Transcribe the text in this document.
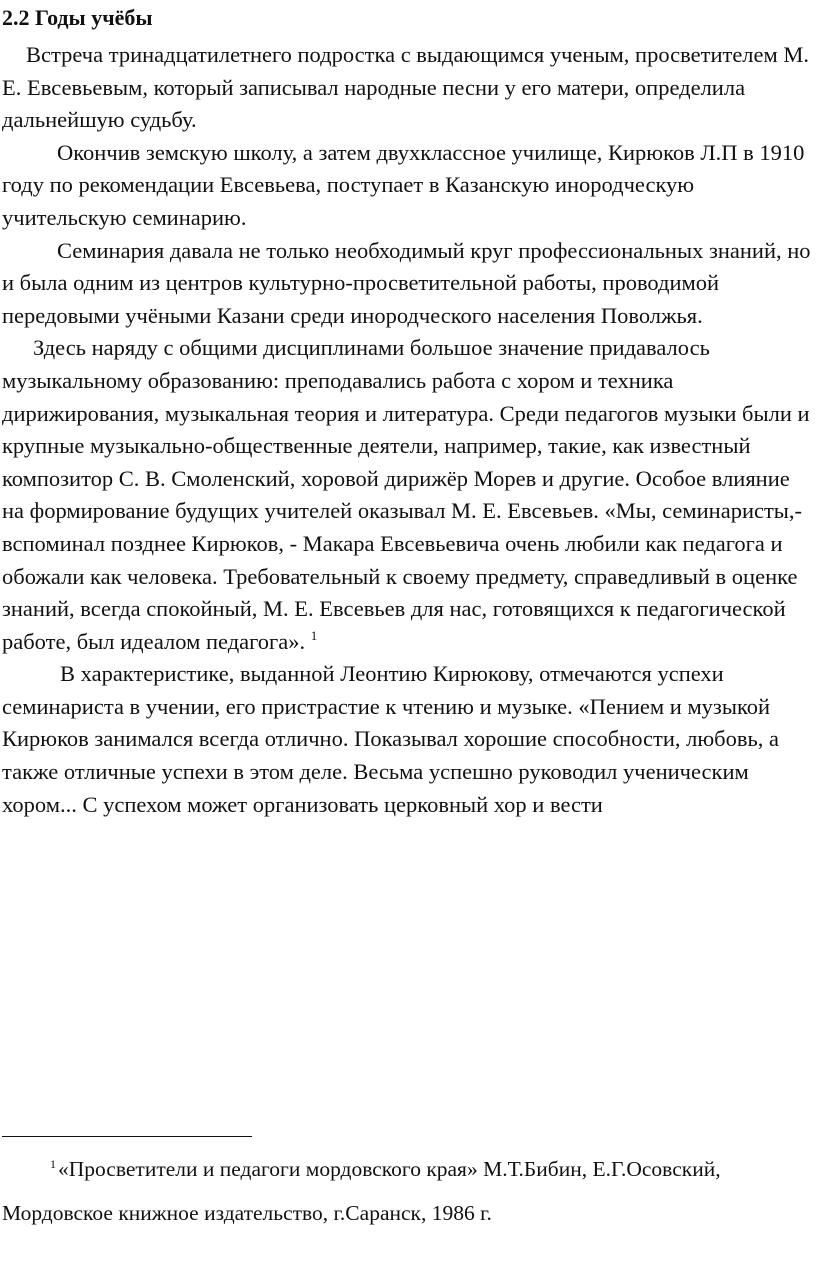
2.2 Годы учёбы

Встреча тринадцатилетнего подростка с выдающимся ученым, просветителем М. Е. Евсевьевым, который записывал народные песни у его матери, определила дальнейшую судьбу.

Окончив земскую школу, а затем двухклассное училище, Кирюков Л.П в 1910 году по рекомендации Евсевьева, поступает в Казанскую инородческую учительскую семинарию.

Семинария давала не только необходимый круг профессиональных знаний, но и была одним из центров культурно-просветительной работы, проводимой передовыми учёными Казани среди инородческого населения Поволжья.

Здесь наряду с общими дисциплинами большое значение придавалось музыкальному образованию: преподавались работа с хором и техника дирижирования, музыкальная теория и литература. Среди педагогов музыки были и крупные музыкально-общественные деятели, например, такие, как известный композитор С. В. Смоленский, хоровой дирижёр Морев и другие. Особое влияние на формирование будущих учителей оказывал М. Е. Евсевьев. «Мы, семинаристы,- вспоминал позднее Кирюков, - Макара Евсевьевича очень любили как педагога и обожали как человека. Требовательный к своему предмету, справедливый в оценке знаний, всегда спокойный, М. Е. Евсевьев для нас, готовящихся к педагогической работе, был идеалом педагога». $^1$

В характеристике, выданной Леонтию Кирюкову, отмечаются успехи семинариста в учении, его пристрастие к чтению и музыке. «Пением и музыкой Кирюков занимался всегда отлично. Показывал хорошие способности, любовь, а также отличные успехи в этом деле. Весьма успешно руководил ученическим хором... С успехом может организовать церковный хор и вести

$^1$«Просветители и педагоги мордовского края» М.Т.Бибин, Е.Г.Осовский, Мордовское книжное издательство, г.Саранск, 1986 г.
